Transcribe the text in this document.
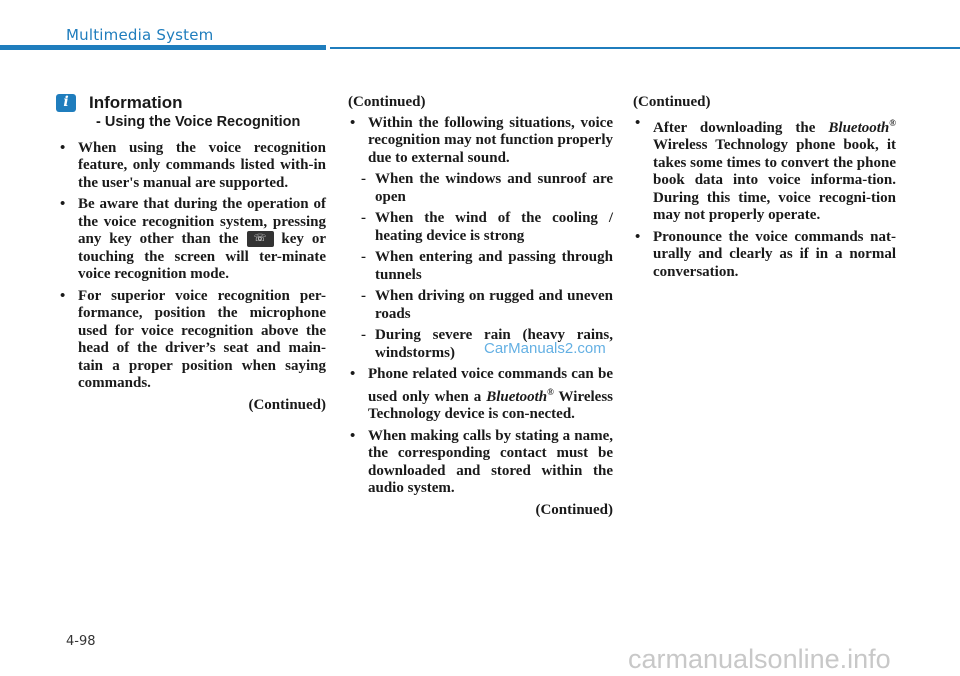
Multimedia System
i	Information
- Using the Voice Recognition
• When using the voice recognition feature, only commands listed with-in the user's manual are supported.
• Be aware that during the operation of the voice recognition system, pressing any key other than the ☏ key or touching the screen will ter-minate voice recognition mode.
• For superior voice recognition per-formance, position the microphone used for voice recognition above the head of the driver’s seat and main-tain a proper position when saying commands.
(Continued)
(Continued)
• Within the following situations, voice recognition may not function properly due to external sound.
- When the windows and sunroof are open
- When the wind of the cooling / heating device is strong
- When entering and passing through tunnels
- When driving on rugged and uneven roads
- During severe rain (heavy rains, windstorms)
• Phone related voice commands can be used only when a Bluetooth® Wireless Technology device is con-nected.
• When making calls by stating a name, the corresponding contact must be downloaded and stored within the audio system.
(Continued)
(Continued)
• After downloading the Bluetooth® Wireless Technology phone book, it takes some times to convert the phone book data into voice informa-tion. During this time, voice recogni-tion may not properly operate.
• Pronounce the voice commands nat-urally and clearly as if in a normal conversation.
CarManuals2.com
4-98
carmanualsonline.info
